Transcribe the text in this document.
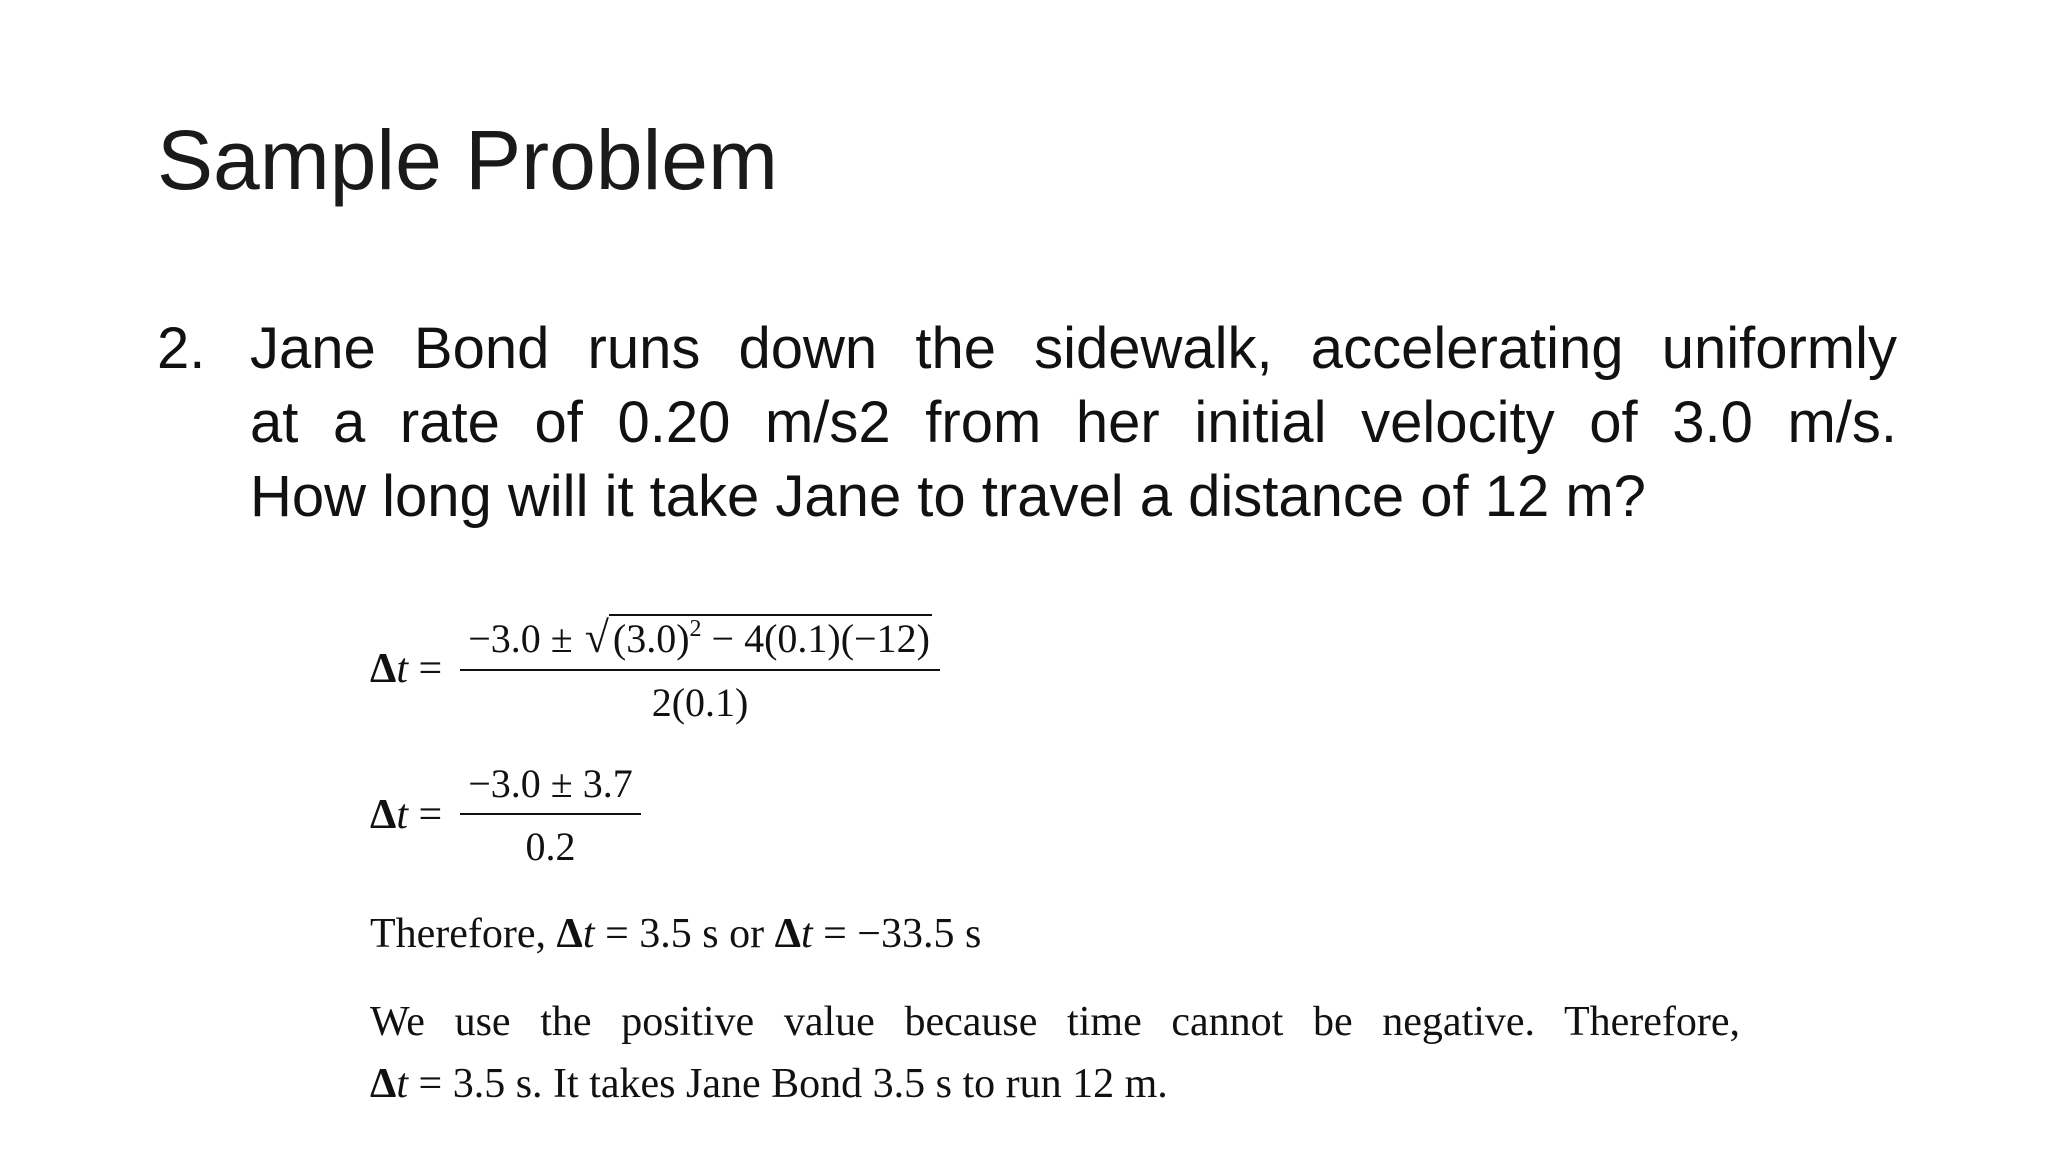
Sample Problem
2. Jane Bond runs down the sidewalk, accelerating uniformly
at a rate of 0.20 m/s2 from her initial velocity of 3.0 m/s.
How long will it take Jane to travel a distance of 12 m?
$\Delta t = \frac{-3.0 \pm √ (3.0)^2 - 4(0.1)(-12)}{2(0.1)}$
$\Delta t = \frac{-3.0 \pm 3.7}{0.2}$
Therefore, Δt = 3.5 s or Δt = −33.5 s
We use the positive value because time cannot be negative. Therefore,
Δt = 3.5 s. It takes Jane Bond 3.5 s to run 12 m.
